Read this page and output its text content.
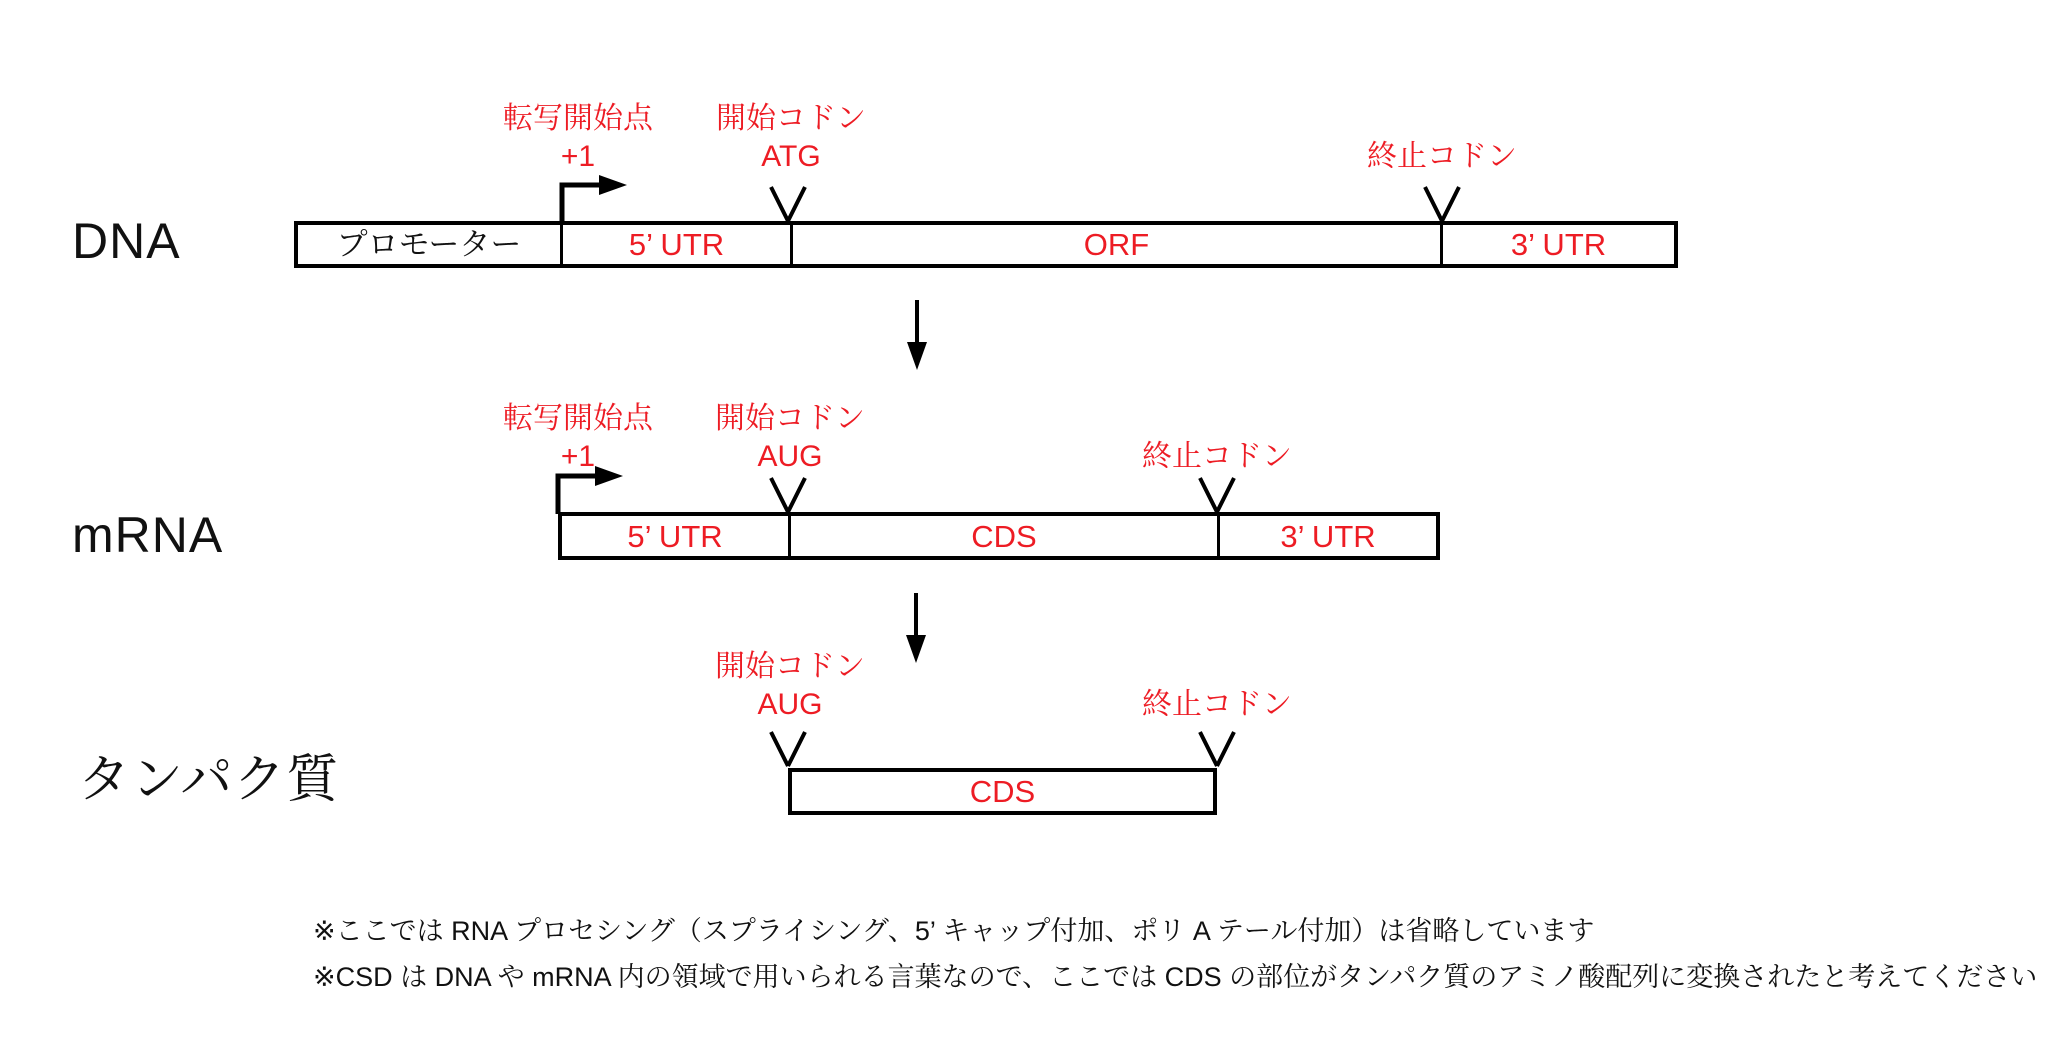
転写開始点
+1
開始コドン
ATG	終止コドン
DNA	プロモーター	5’ UTR	ORF	3’ UTR
転写開始点
+1
開始コドン
AUG	終止コドン
mRNA	5’ UTR	CDS	3’ UTR
開始コドン
AUG	終止コドン
タンパク質	CDS
※ここでは RNA プロセシング（スプライシング、5’ キャップ付加、ポリ A テール付加）は省略しています
※CSD は DNA や mRNA 内の領域で用いられる言葉なので、ここでは CDS の部位がタンパク質のアミノ酸配列に変換されたと考えてください
